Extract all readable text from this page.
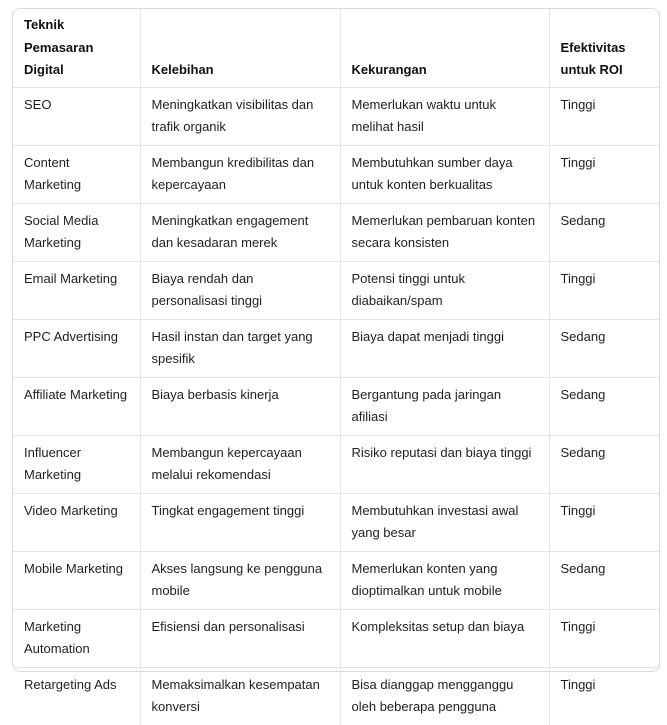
Teknik Pemasaran Digital	Kelebihan	Kekurangan	Efektivitas untuk ROI
SEO	Meningkatkan visibilitas dan trafik organik	Memerlukan waktu untuk melihat hasil	Tinggi
Content Marketing	Membangun kredibilitas dan kepercayaan	Membutuhkan sumber daya untuk konten berkualitas	Tinggi
Social Media Marketing	Meningkatkan engagement dan kesadaran merek	Memerlukan pembaruan konten secara konsisten	Sedang
Email Marketing	Biaya rendah dan personalisasi tinggi	Potensi tinggi untuk diabaikan/spam	Tinggi
PPC Advertising	Hasil instan dan target yang spesifik	Biaya dapat menjadi tinggi	Sedang
Affiliate Marketing	Biaya berbasis kinerja	Bergantung pada jaringan afiliasi	Sedang
Influencer Marketing	Membangun kepercayaan melalui rekomendasi	Risiko reputasi dan biaya tinggi	Sedang
Video Marketing	Tingkat engagement tinggi	Membutuhkan investasi awal yang besar	Tinggi
Mobile Marketing	Akses langsung ke pengguna mobile	Memerlukan konten yang dioptimalkan untuk mobile	Sedang
Marketing Automation	Efisiensi dan personalisasi	Kompleksitas setup dan biaya	Tinggi
Retargeting Ads	Memaksimalkan kesempatan konversi	Bisa dianggap mengganggu oleh beberapa pengguna	Tinggi
